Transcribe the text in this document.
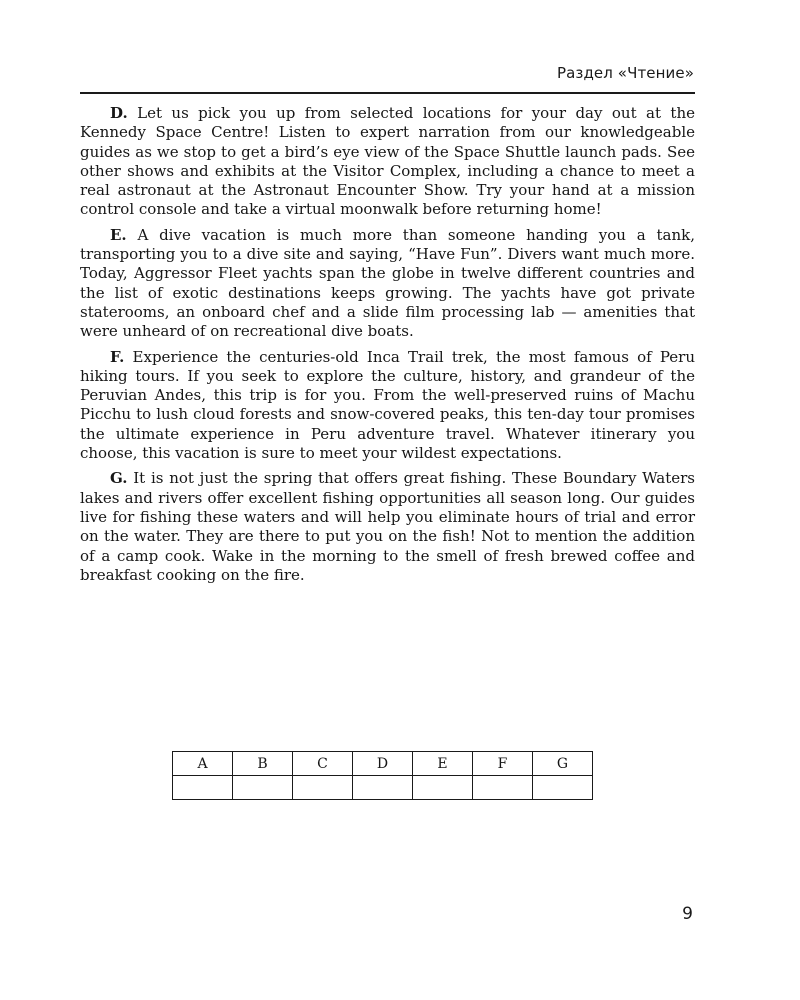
Раздел «Чтение»

D. Let us pick you up from selected locations for your day out at the Kennedy Space Centre! Listen to expert narration from our knowledgeable guides as we stop to get a bird’s eye view of the Space Shuttle launch pads. See other shows and exhibits at the Visitor Complex, including a chance to meet a real astronaut at the Astronaut Encounter Show. Try your hand at a mission control console and take a virtual moonwalk before returning home!

E. A dive vacation is much more than someone handing you a tank, transporting you to a dive site and saying, “Have Fun”. Divers want much more. Today, Aggressor Fleet yachts span the globe in twelve different countries and the list of exotic destinations keeps growing. The yachts have got private staterooms, an onboard chef and a slide film processing lab — amenities that were unheard of on recreational dive boats.

F. Experience the centuries-old Inca Trail trek, the most famous of Peru hiking tours. If you seek to explore the culture, history, and grandeur of the Peruvian Andes, this trip is for you. From the well-preserved ruins of Machu Picchu to lush cloud forests and snow-covered peaks, this ten-day tour promises the ultimate experience in Peru adventure travel. Whatever itinerary you choose, this vacation is sure to meet your wildest expectations.

G. It is not just the spring that offers great fishing. These Boundary Waters lakes and rivers offer excellent fishing opportunities all season long. Our guides live for fishing these waters and will help you eliminate hours of trial and error on the water. They are there to put you on the fish! Not to mention the addition of a camp cook. Wake in the morning to the smell of fresh brewed coffee and breakfast cooking on the fire.

A	B	C	D	E	F	G

9
